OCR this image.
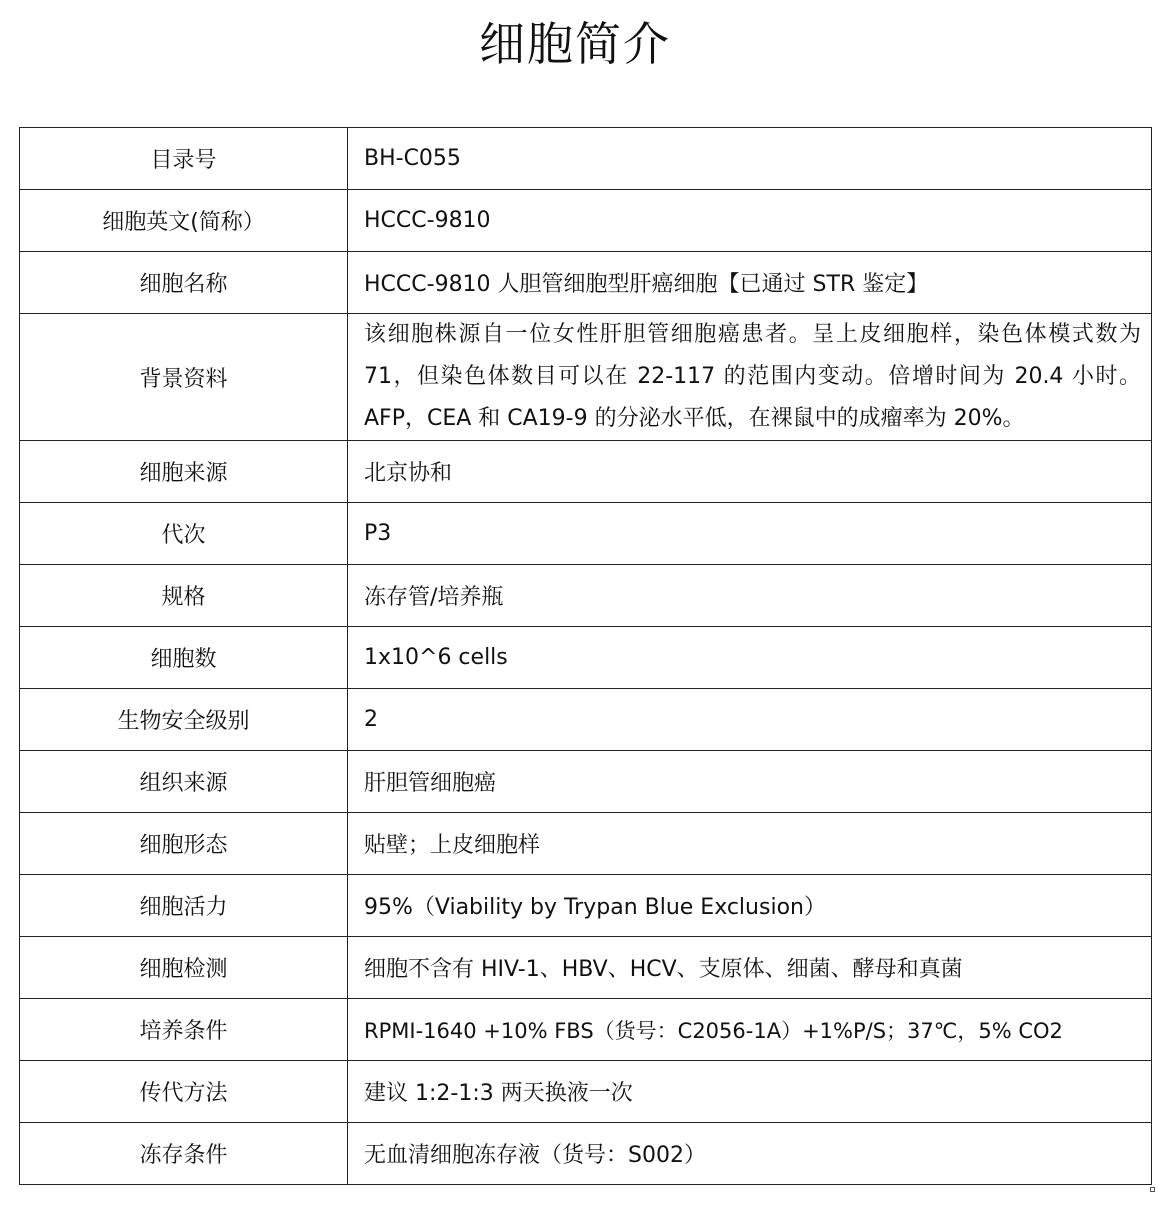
细胞简介
目录号	BH-C055
细胞英文(简称）	HCCC-9810
细胞名称	HCCC-9810 人胆管细胞型肝癌细胞【已通过 STR 鉴定】
背景资料	该细胞株源自一位女性肝胆管细胞癌患者。呈上皮细胞样，染色体模式数为 71，但染色体数目可以在 22-117 的范围内变动。倍增时间为 20.4 小时。AFP，CEA 和 CA19-9 的分泌水平低，在裸鼠中的成瘤率为 20%。
细胞来源	北京协和
代次	P3
规格	冻存管/培养瓶
细胞数	1x10^6 cells
生物安全级别	2
组织来源	肝胆管细胞癌
细胞形态	贴壁；上皮细胞样
细胞活力	95%（Viability by Trypan Blue Exclusion）
细胞检测	细胞不含有 HIV-1、HBV、HCV、支原体、细菌、酵母和真菌
培养条件	RPMI-1640 +10% FBS（货号：C2056-1A）+1%P/S；37℃，5% CO2
传代方法	建议 1:2-1:3 两天换液一次
冻存条件	无血清细胞冻存液（货号：S002）
